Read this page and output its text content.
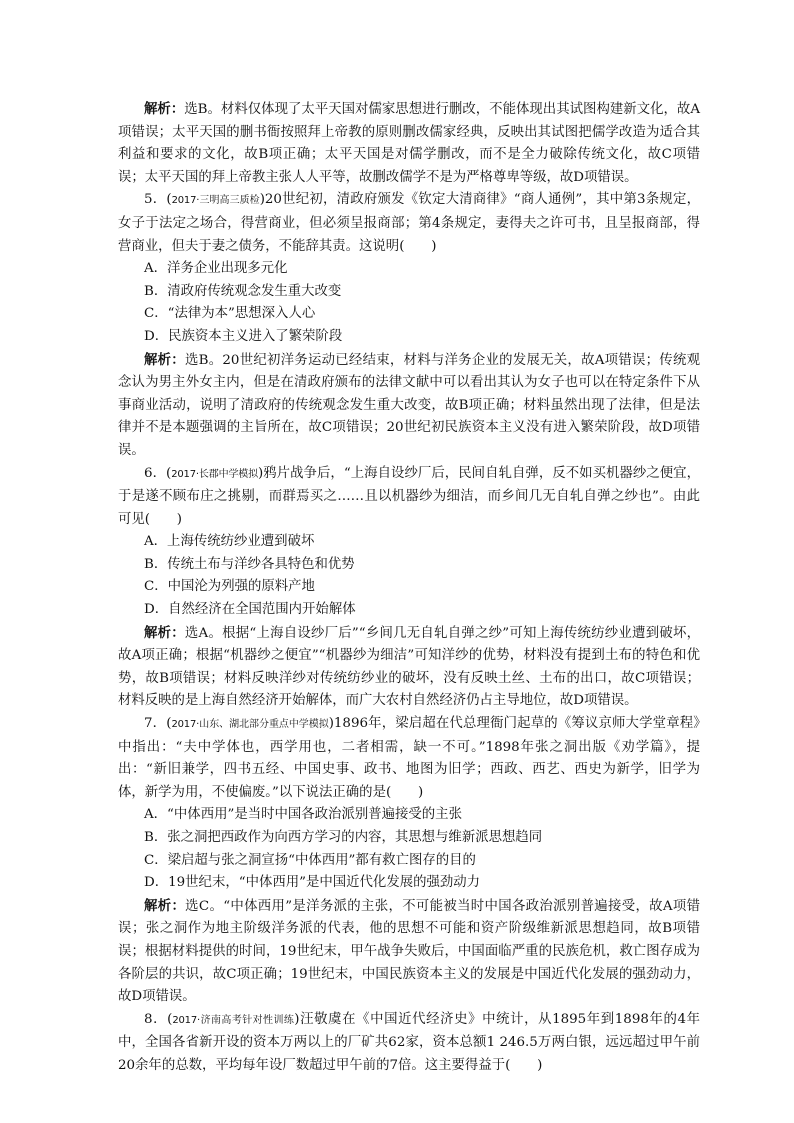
解析：选B。材料仅体现了太平天国对儒家思想进行删改，不能体现出其试图构建新文化，故A项错误；太平天国的删书衙按照拜上帝教的原则删改儒家经典，反映出其试图把儒学改造为适合其利益和要求的文化，故B项正确；太平天国是对儒学删改，而不是全力破除传统文化，故C项错误；太平天国的拜上帝教主张人人平等，故删改儒学不是为严格尊卑等级，故D项错误。

5．(2017·三明高三质检)20世纪初，清政府颁发《钦定大清商律》“商人通例”，其中第3条规定，女子于法定之场合，得营商业，但必须呈报商部；第4条规定，妻得夫之许可书，且呈报商部，得营商业，但夫于妻之债务，不能辞其责。这说明(　　)

A．洋务企业出现多元化

B．清政府传统观念发生重大改变

C．“法律为本”思想深入人心

D．民族资本主义进入了繁荣阶段

解析：选B。20世纪初洋务运动已经结束，材料与洋务企业的发展无关，故A项错误；传统观念认为男主外女主内，但是在清政府颁布的法律文献中可以看出其认为女子也可以在特定条件下从事商业活动，说明了清政府的传统观念发生重大改变，故B项正确；材料虽然出现了法律，但是法律并不是本题强调的主旨所在，故C项错误；20世纪初民族资本主义没有进入繁荣阶段，故D项错误。

6．(2017·长郡中学模拟)鸦片战争后，“上海自设纱厂后，民间自轧自弹，反不如买机器纱之便宜，于是遂不顾布庄之挑剔，而群焉买之……且以机器纱为细洁，而乡间几无自轧自弹之纱也”。由此可见(　　)

A．上海传统纺纱业遭到破坏

B．传统土布与洋纱各具特色和优势

C．中国沦为列强的原料产地

D．自然经济在全国范围内开始解体

解析：选A。根据“上海自设纱厂后”“乡间几无自轧自弹之纱”可知上海传统纺纱业遭到破坏，故A项正确；根据“机器纱之便宜”“机器纱为细洁”可知洋纱的优势，材料没有提到土布的特色和优势，故B项错误；材料反映洋纱对传统纺纱业的破坏，没有反映土丝、土布的出口，故C项错误；材料反映的是上海自然经济开始解体，而广大农村自然经济仍占主导地位，故D项错误。

7．(2017·山东、湖北部分重点中学模拟)1896年，梁启超在代总理衙门起草的《筹议京师大学堂章程》中指出：“夫中学体也，西学用也，二者相需，缺一不可。”1898年张之洞出版《劝学篇》，提出：“新旧兼学，四书五经、中国史事、政书、地图为旧学；西政、西艺、西史为新学，旧学为体，新学为用，不使偏废。”以下说法正确的是(　　)

A．“中体西用”是当时中国各政治派别普遍接受的主张

B．张之洞把西政作为向西方学习的内容，其思想与维新派思想趋同

C．梁启超与张之洞宣扬“中体西用”都有救亡图存的目的

D．19世纪末，“中体西用”是中国近代化发展的强劲动力

解析：选C。“中体西用”是洋务派的主张，不可能被当时中国各政治派别普遍接受，故A项错误；张之洞作为地主阶级洋务派的代表，他的思想不可能和资产阶级维新派思想趋同，故B项错误；根据材料提供的时间，19世纪末，甲午战争失败后，中国面临严重的民族危机，救亡图存成为各阶层的共识，故C项正确；19世纪末，中国民族资本主义的发展是中国近代化发展的强劲动力，故D项错误。

8．(2017·济南高考针对性训练)汪敬虞在《中国近代经济史》中统计，从1895年到1898年的4年中，全国各省新开设的资本万两以上的厂矿共62家，资本总额1 246.5万两白银，远远超过甲午前20余年的总数，平均每年设厂数超过甲午前的7倍。这主要得益于(　　)
